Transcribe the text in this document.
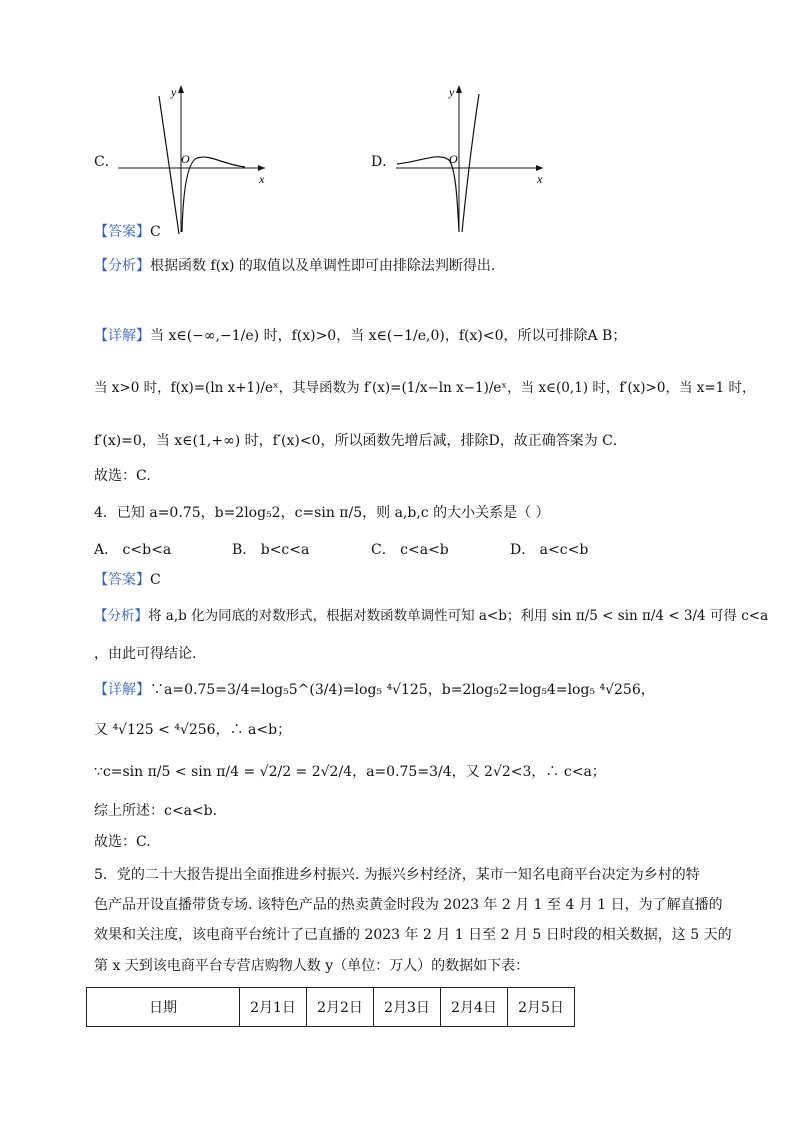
C．
y
x
O	D．
y
x
O
【答案】C
【分析】根据函数 f(x) 的取值以及单调性即可由排除法判断得出.
【详解】当 x∈(−∞,−1/e) 时，f(x)>0，当 x∈(−1/e,0)，f(x)<0，所以可排除A B；
当 x>0 时，f(x)=(ln x+1)/eˣ，其导函数为 f′(x)=(1/x−ln x−1)/eˣ，当 x∈(0,1) 时，f′(x)>0，当 x=1 时，
f′(x)=0，当 x∈(1,+∞) 时，f′(x)<0，所以函数先增后减，排除D，故正确答案为 C．
故选：C.
4．已知 a=0.75，b=2log₅2，c=sin π/5，则 a,b,c 的大小关系是（ ）
A． c<b<a	B． b<c<a	C． c<a<b	D． a<c<b
【答案】C
【分析】将 a,b 化为同底的对数形式，根据对数函数单调性可知 a<b；利用 sin π/5 < sin π/4 < 3/4 可得 c<a
，由此可得结论.
【详解】∵a=0.75=3/4=log₅5^(3/4)=log₅ ⁴√125，b=2log₅2=log₅4=log₅ ⁴√256，
又 ⁴√125 < ⁴√256，∴ a<b；
∵c=sin π/5 < sin π/4 = √2/2 = 2√2/4，a=0.75=3/4，又 2√2<3，∴ c<a；
综上所述：c<a<b.
故选：C.
5．党的二十大报告提出全面推进乡村振兴. 为振兴乡村经济，某市一知名电商平台决定为乡村的特
色产品开设直播带货专场. 该特色产品的热卖黄金时段为 2023 年 2 月 1 至 4 月 1 日，为了解直播的
效果和关注度，该电商平台统计了已直播的 2023 年 2 月 1 日至 2 月 5 日时段的相关数据，这 5 天的
第 x 天到该电商平台专营店购物人数 y（单位：万人）的数据如下表：
日期	2月1日	2月2日	2月3日	2月4日	2月5日
